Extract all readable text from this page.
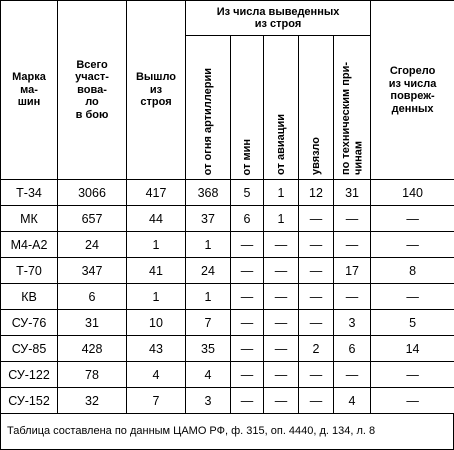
Марка
ма-
шин	Всего
участ-
вова-
ло
в бою	Вышло
из
строя	Из числа выведенных
из строя					Сгорело
из числа
повреж-
денных

			от огня артиллерии	от мин	от авиации	увязло	по техническим при-
чинам	

Т-34	3066	417	368	5	1	12	31	140
МК	657	44	37	6	1	—	—	—
М4-А2	24	1	1	—	—	—	—	—
Т-70	347	41	24	—	—	—	17	8
КВ	6	1	1	—	—	—	—	—
СУ-76	31	10	7	—	—	—	3	5
СУ-85	428	43	35	—	—	2	6	14
СУ-122	78	4	4	—	—	—	—	—
СУ-152	32	7	3	—	—	—	4	—
Таблица составлена по данным ЦАМО РФ, ф. 315, оп. 4440, д. 134, л. 8
